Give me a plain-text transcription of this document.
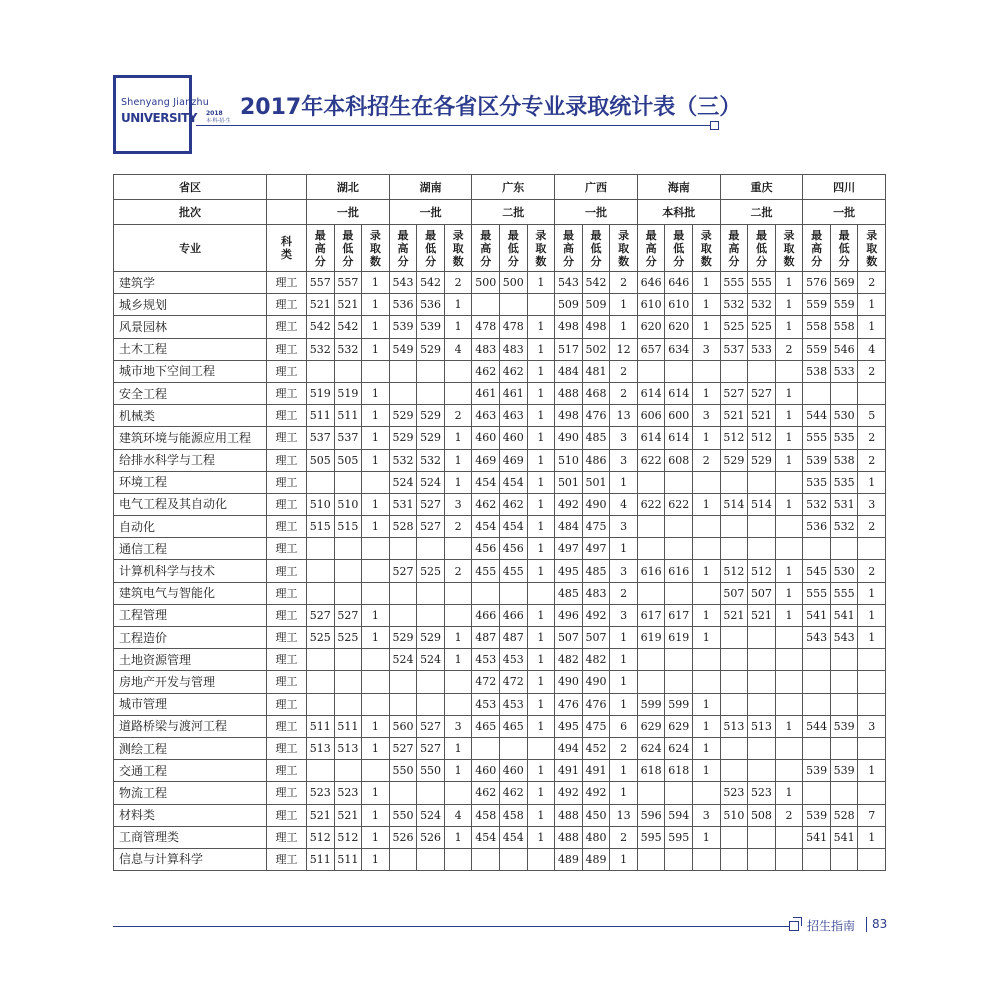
Shenyang Jianzhu
UNIVERSITY 2018
本·科·招·生
2017年本科招生在各省区分专业录取统计表（三）
省区		湖北			湖南			广东			广西			海南			重庆			四川		
批次		一批			一批			二批			一批			本科批			二批			一批		
专业	科类	最高分	最低分	录取数	最高分	最低分	录取数	最高分	最低分	录取数	最高分	最低分	录取数	最高分	最低分	录取数	最高分	最低分	录取数	最高分	最低分	录取数
建筑学	理工	557	557	1	543	542	2	500	500	1	543	542	2	646	646	1	555	555	1	576	569	2
城乡规划	理工	521	521	1	536	536	1				509	509	1	610	610	1	532	532	1	559	559	1
风景园林	理工	542	542	1	539	539	1	478	478	1	498	498	1	620	620	1	525	525	1	558	558	1
土木工程	理工	532	532	1	549	529	4	483	483	1	517	502	12	657	634	3	537	533	2	559	546	4
城市地下空间工程	理工							462	462	1	484	481	2							538	533	2
安全工程	理工	519	519	1				461	461	1	488	468	2	614	614	1	527	527	1			
机械类	理工	511	511	1	529	529	2	463	463	1	498	476	13	606	600	3	521	521	1	544	530	5
建筑环境与能源应用工程	理工	537	537	1	529	529	1	460	460	1	490	485	3	614	614	1	512	512	1	555	535	2
给排水科学与工程	理工	505	505	1	532	532	1	469	469	1	510	486	3	622	608	2	529	529	1	539	538	2
环境工程	理工				524	524	1	454	454	1	501	501	1							535	535	1
电气工程及其自动化	理工	510	510	1	531	527	3	462	462	1	492	490	4	622	622	1	514	514	1	532	531	3
自动化	理工	515	515	1	528	527	2	454	454	1	484	475	3							536	532	2
通信工程	理工							456	456	1	497	497	1									
计算机科学与技术	理工				527	525	2	455	455	1	495	485	3	616	616	1	512	512	1	545	530	2
建筑电气与智能化	理工										485	483	2				507	507	1	555	555	1
工程管理	理工	527	527	1				466	466	1	496	492	3	617	617	1	521	521	1	541	541	1
工程造价	理工	525	525	1	529	529	1	487	487	1	507	507	1	619	619	1				543	543	1
土地资源管理	理工				524	524	1	453	453	1	482	482	1									
房地产开发与管理	理工							472	472	1	490	490	1									
城市管理	理工							453	453	1	476	476	1	599	599	1						
道路桥梁与渡河工程	理工	511	511	1	560	527	3	465	465	1	495	475	6	629	629	1	513	513	1	544	539	3
测绘工程	理工	513	513	1	527	527	1				494	452	2	624	624	1						
交通工程	理工				550	550	1	460	460	1	491	491	1	618	618	1				539	539	1
物流工程	理工	523	523	1				462	462	1	492	492	1				523	523	1			
材料类	理工	521	521	1	550	524	4	458	458	1	488	450	13	596	594	3	510	508	2	539	528	7
工商管理类	理工	512	512	1	526	526	1	454	454	1	488	480	2	595	595	1				541	541	1
信息与计算科学	理工	511	511	1							489	489	1									
招生指南 83
